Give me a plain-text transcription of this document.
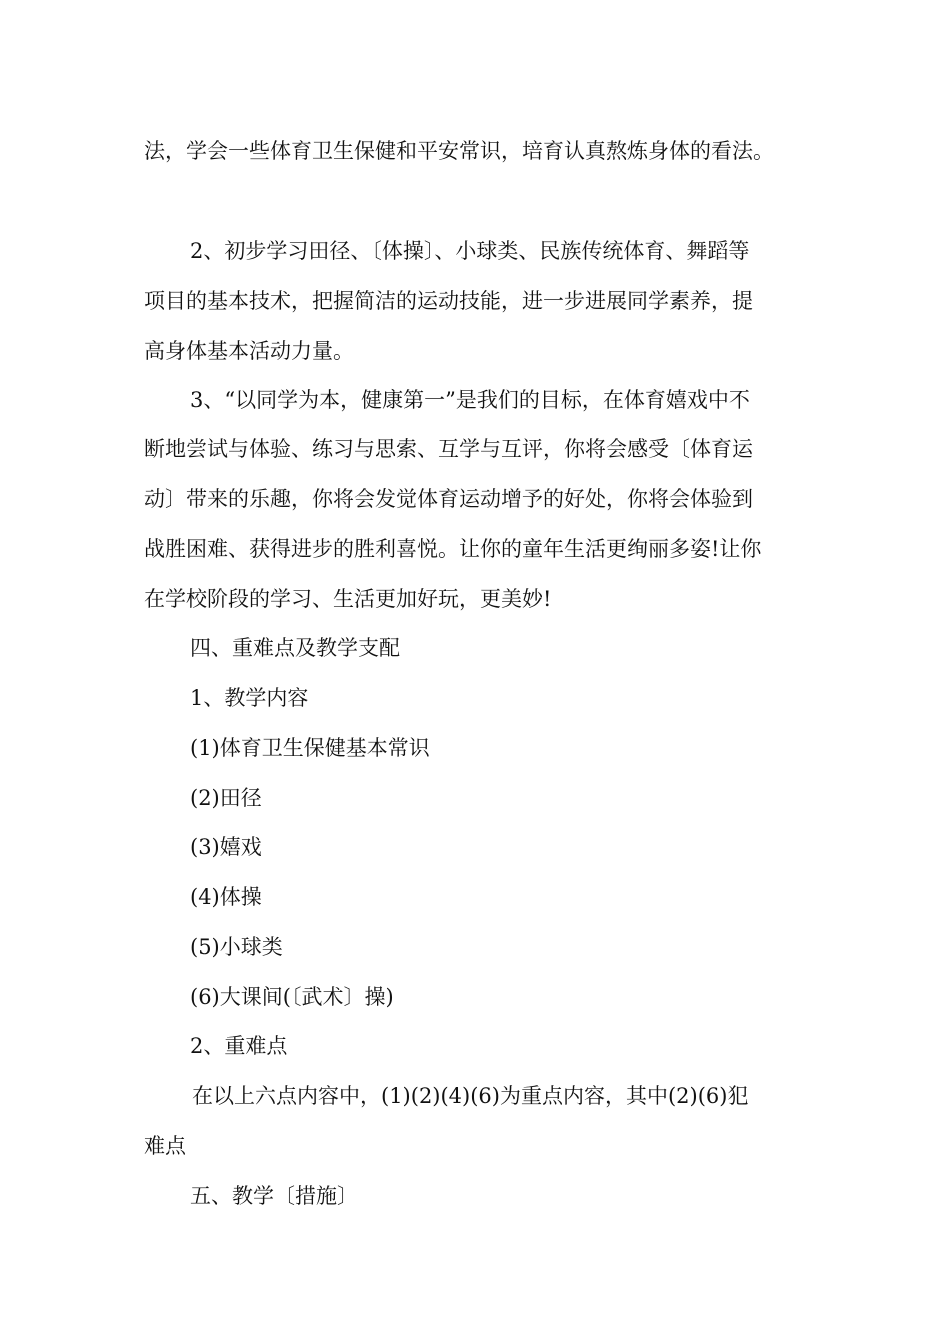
法，学会一些体育卫生保健和平安常识，培育认真熬炼身体的看法。
2、初步学习田径、〔体操〕、小球类、民族传统体育、舞蹈等
项目的基本技术，把握简洁的运动技能，进一步进展同学素养，提
高身体基本活动力量。
3、“以同学为本，健康第一”是我们的目标，在体育嬉戏中不
断地尝试与体验、练习与思索、互学与互评，你将会感受〔体育运
动〕带来的乐趣，你将会发觉体育运动增予的好处，你将会体验到
战胜困难、获得进步的胜利喜悦。让你的童年生活更绚丽多姿!让你
在学校阶段的学习、生活更加好玩，更美妙!
四、重难点及教学支配
1、教学内容
(1)体育卫生保健基本常识
(2)田径
(3)嬉戏
(4)体操
(5)小球类
(6)大课间(〔武术〕操)
2、重难点
在以上六点内容中，(1)(2)(4)(6)为重点内容，其中(2)(6)犯
难点
五、教学〔措施〕
